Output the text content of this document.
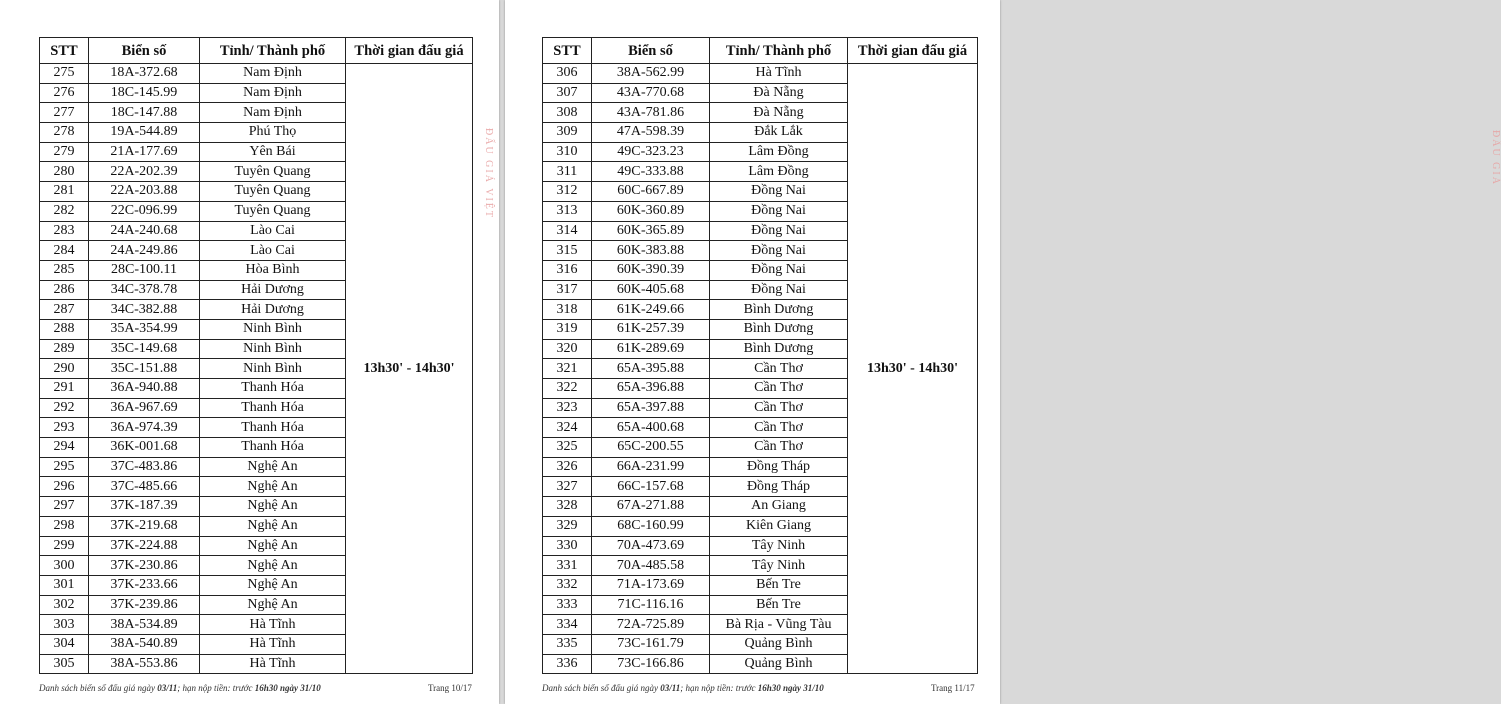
STT	Biển số	Tỉnh/ Thành phố	Thời gian đấu giá
275	18A-372.68	Nam Định	13h30' - 14h30'
276	18C-145.99	Nam Định	
277	18C-147.88	Nam Định	
278	19A-544.89	Phú Thọ	
279	21A-177.69	Yên Bái	
280	22A-202.39	Tuyên Quang	
281	22A-203.88	Tuyên Quang	
282	22C-096.99	Tuyên Quang	
283	24A-240.68	Lào Cai	
284	24A-249.86	Lào Cai	
285	28C-100.11	Hòa Bình	
286	34C-378.78	Hải Dương	
287	34C-382.88	Hải Dương	
288	35A-354.99	Ninh Bình	
289	35C-149.68	Ninh Bình	
290	35C-151.88	Ninh Bình	
291	36A-940.88	Thanh Hóa	
292	36A-967.69	Thanh Hóa	
293	36A-974.39	Thanh Hóa	
294	36K-001.68	Thanh Hóa	
295	37C-483.86	Nghệ An	
296	37C-485.66	Nghệ An	
297	37K-187.39	Nghệ An	
298	37K-219.68	Nghệ An	
299	37K-224.88	Nghệ An	
300	37K-230.86	Nghệ An	
301	37K-233.66	Nghệ An	
302	37K-239.86	Nghệ An	
303	38A-534.89	Hà Tĩnh	
304	38A-540.89	Hà Tĩnh	
305	38A-553.86	Hà Tĩnh	
ĐẤU GIÁ VIỆT
Danh sách biển số đấu giá ngày 03/11; hạn nộp tiền: trước 16h30 ngày 31/10	Trang 10/17
STT	Biển số	Tỉnh/ Thành phố	Thời gian đấu giá
306	38A-562.99	Hà Tĩnh	13h30' - 14h30'
307	43A-770.68	Đà Nẵng	
308	43A-781.86	Đà Nẵng	
309	47A-598.39	Đắk Lắk	
310	49C-323.23	Lâm Đồng	
311	49C-333.88	Lâm Đồng	
312	60C-667.89	Đồng Nai	
313	60K-360.89	Đồng Nai	
314	60K-365.89	Đồng Nai	
315	60K-383.88	Đồng Nai	
316	60K-390.39	Đồng Nai	
317	60K-405.68	Đồng Nai	
318	61K-249.66	Bình Dương	
319	61K-257.39	Bình Dương	
320	61K-289.69	Bình Dương	
321	65A-395.88	Cần Thơ	
322	65A-396.88	Cần Thơ	
323	65A-397.88	Cần Thơ	
324	65A-400.68	Cần Thơ	
325	65C-200.55	Cần Thơ	
326	66A-231.99	Đồng Tháp	
327	66C-157.68	Đồng Tháp	
328	67A-271.88	An Giang	
329	68C-160.99	Kiên Giang	
330	70A-473.69	Tây Ninh	
331	70A-485.58	Tây Ninh	
332	71A-173.69	Bến Tre	
333	71C-116.16	Bến Tre	
334	72A-725.89	Bà Rịa - Vũng Tàu	
335	73C-161.79	Quảng Bình	
336	73C-166.86	Quảng Bình	
ĐẤU GIÁ
Danh sách biển số đấu giá ngày 03/11; hạn nộp tiền: trước 16h30 ngày 31/10	Trang 11/17
